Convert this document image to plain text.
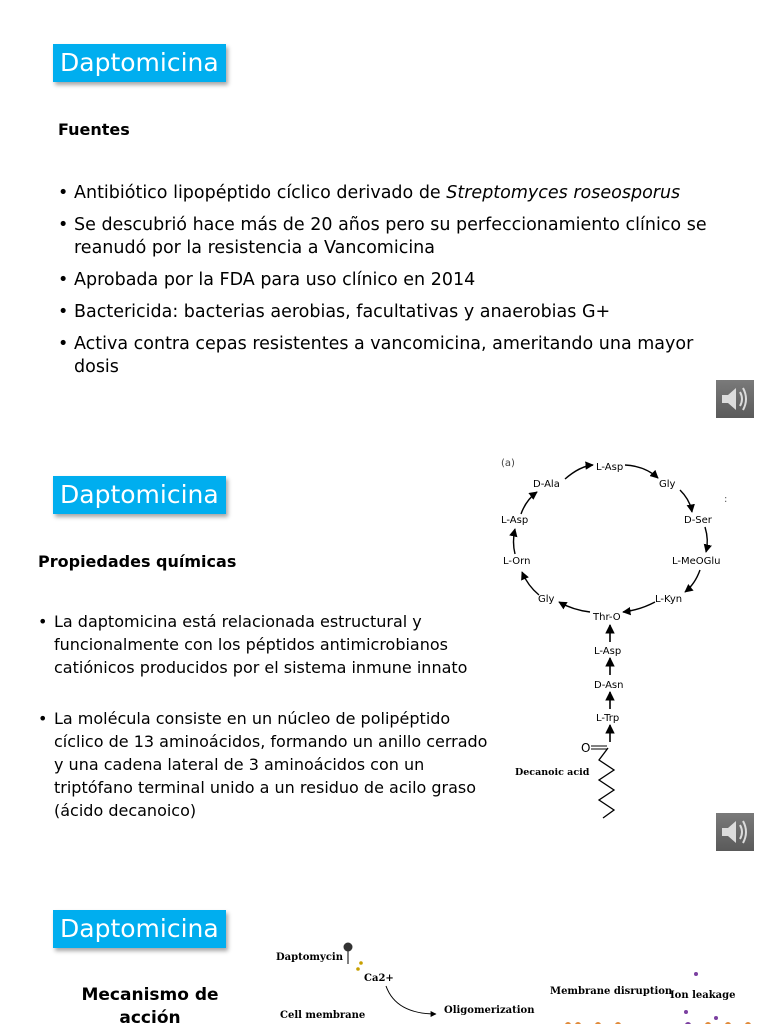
Daptomicina
Fuentes
• Antibiótico lipopéptido cíclico derivado de Streptomyces roseosporus
• Se descubrió hace más de 20 años pero su perfeccionamiento clínico se reanudó por la resistencia a Vancomicina
• Aprobada por la FDA para uso clínico en 2014
• Bactericida: bacterias aerobias, facultativas y anaerobias G+
• Activa contra cepas resistentes a vancomicina, ameritando una mayor dosis
Daptomicina
Propiedades químicas
• La daptomicina está relacionada estructural y funcionalmente con los péptidos antimicrobianos catiónicos producidos por el sistema inmune innato
• La molécula consiste en un núcleo de polipéptido cíclico de 13 aminoácidos, formando un anillo cerrado y una cadena lateral de 3 aminoácidos con un triptófano terminal unido a un residuo de acilo graso (ácido decanoico)
(a)	L-Asp
Gly
D-Ser
L-MeOGlu
L-Kyn
Thr-O
Gly
L-Orn
L-Asp
D-Ala
L-Asp
D-Asn
L-Trp
O
Decanoic acid
:
Daptomicina
Mecanismo de acción
Daptomycin
Ca2+
Oligomerization
Membrane disruption
Ion leakage
Cell membrane
